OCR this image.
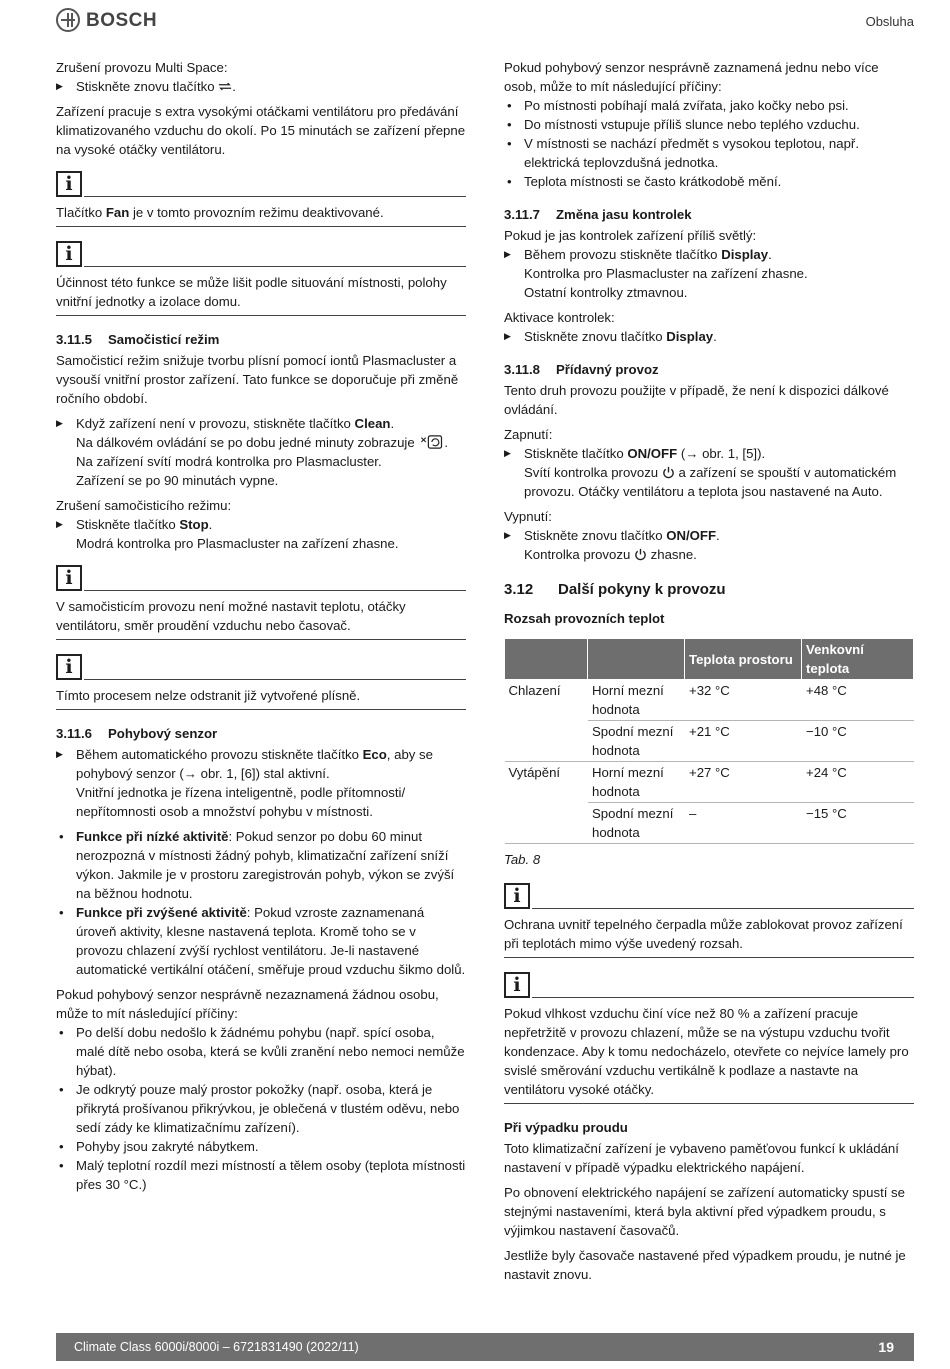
BOSCH	Obsluha

Zrušení provozu Multi Space:

▶ Stiskněte znovu tlačítko .

Zařízení pracuje s extra vysokými otáčkami ventilátoru pro předávání klimatizovaného vzduchu do okolí. Po 15 minutách se zařízení přepne na vysoké otáčky ventilátoru.

i
Tlačítko Fan je v tomto provozním režimu deaktivované.
i
Účinnost této funkce se může lišit podle situování místnosti, polohy vnitřní jednotky a izolace domu.
3.11.5 Samočisticí režim

Samočisticí režim snižuje tvorbu plísní pomocí iontů Plasmacluster a vysouší vnitřní prostor zařízení. Tato funkce se doporučuje při změně ročního období.

▶ Když zařízení není v provozu, stiskněte tlačítko Clean.
Na dálkovém ovládání se po dobu jedné minuty zobrazuje .
Na zařízení svítí modrá kontrolka pro Plasmacluster.
Zařízení se po 90 minutách vypne.

Zrušení samočisticího režimu:

▶ Stiskněte tlačítko Stop.
Modrá kontrolka pro Plasmacluster na zařízení zhasne.
i
V samočisticím provozu není možné nastavit teplotu, otáčky ventilátoru, směr proudění vzduchu nebo časovač.
i
Tímto procesem nelze odstranit již vytvořené plísně.
3.11.6 Pohybový senzor
▶ Během automatického provozu stiskněte tlačítko Eco, aby se pohybový senzor (→ obr. 1, [6]) stal aktivní.
Vnitřní jednotka je řízena inteligentně, podle přítomnosti/ nepřítomnosti osob a množství pohybu v místnosti.
• Funkce při nízké aktivitě: Pokud senzor po dobu 60 minut nerozpozná v místnosti žádný pohyb, klimatizační zařízení sníží výkon. Jakmile je v prostoru zaregistrován pohyb, výkon se zvýší na běžnou hodnotu.
• Funkce při zvýšené aktivitě: Pokud vzroste zaznamenaná úroveň aktivity, klesne nastavená teplota. Kromě toho se v provozu chlazení zvýší rychlost ventilátoru. Je-li nastavené automatické vertikální otáčení, směřuje proud vzduchu šikmo dolů.

Pokud pohybový senzor nesprávně nezaznamená žádnou osobu, může to mít následující příčiny:

• Po delší dobu nedošlo k žádnému pohybu (např. spící osoba, malé dítě nebo osoba, která se kvůli zranění nebo nemoci nemůže hýbat).
• Je odkrytý pouze malý prostor pokožky (např. osoba, která je přikrytá prošívanou přikrývkou, je oblečená v tlustém oděvu, nebo sedí zády ke klimatizačnímu zařízení).
• Pohyby jsou zakryté nábytkem.
• Malý teplotní rozdíl mezi místností a tělem osoby (teplota místnosti přes 30 °C.)

Pokud pohybový senzor nesprávně zaznamená jednu nebo více osob, může to mít následující příčiny:

• Po místnosti pobíhají malá zvířata, jako kočky nebo psi.
• Do místnosti vstupuje příliš slunce nebo teplého vzduchu.
• V místnosti se nachází předmět s vysokou teplotou, např. elektrická teplovzdušná jednotka.
• Teplota místnosti se často krátkodobě mění.
3.11.7 Změna jasu kontrolek

Pokud je jas kontrolek zařízení příliš světlý:

▶ Během provozu stiskněte tlačítko Display.
Kontrolka pro Plasmacluster na zařízení zhasne.
Ostatní kontrolky ztmavnou.

Aktivace kontrolek:

▶ Stiskněte znovu tlačítko Display.
3.11.8 Přídavný provoz

Tento druh provozu použijte v případě, že není k dispozici dálkové ovládání.

Zapnutí:

▶ Stiskněte tlačítko ON/OFF (→ obr. 1, [5]).
Svítí kontrolka provozu a zařízení se spouští v automatickém provozu. Otáčky ventilátoru a teplota jsou nastavené na Auto.

Vypnutí:

▶ Stiskněte znovu tlačítko ON/OFF.
Kontrolka provozu zhasne.
3.12 Další pokyny k provozu
Rozsah provozních teplot
		Teplota prostoru	Venkovní teplota
Chlazení	Horní mezní hodnota	+32 °C	+48 °C
	Spodní mezní hodnota	+21 °C	−10 °C
Vytápění	Horní mezní hodnota	+27 °C	+24 °C
	Spodní mezní hodnota	–	−15 °C
Tab. 8
i
Ochrana uvnitř tepelného čerpadla může zablokovat provoz zařízení při teplotách mimo výše uvedený rozsah.
i
Pokud vlhkost vzduchu činí více než 80 % a zařízení pracuje nepřetržitě v provozu chlazení, může se na výstupu vzduchu tvořit kondenzace. Aby k tomu nedocházelo, otevřete co nejvíce lamely pro svislé směrování vzduchu vertikálně k podlaze a nastavte na ventilátoru vysoké otáčky.
Při výpadku proudu

Toto klimatizační zařízení je vybaveno paměťovou funkcí k ukládání nastavení v případě výpadku elektrického napájení.

Po obnovení elektrického napájení se zařízení automaticky spustí se stejnými nastaveními, která byla aktivní před výpadkem proudu, s výjimkou nastavení časovačů.

Jestliže byly časovače nastavené před výpadkem proudu, je nutné je nastavit znovu.

Climate Class 6000i/8000i – 6721831490 (2022/11)	19
